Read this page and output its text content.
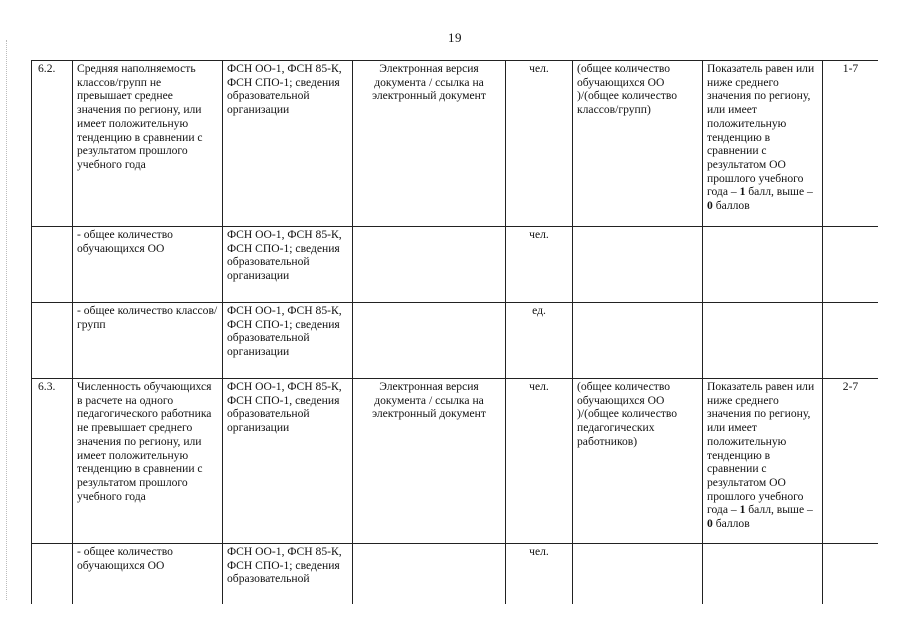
19
6.2.	Средняя наполняемость классов/групп не превышает среднее значения по региону, или имеет положительную тенденцию в сравнении с результатом прошлого учебного года	ФСН ОО-1, ФСН 85-К, ФСН СПО-1; сведения образовательной организации	Электронная версия документа / ссылка на электронный документ	чел.	(общее количество обучающихся ОО )/(общее количество классов/групп)	Показатель равен или ниже среднего значения по региону, или имеет положительную тенденцию в сравнении с результатом ОО прошлого учебного года – 1 балл, выше – 0 баллов	1-7
	- общее количество обучающихся ОО	ФСН ОО-1, ФСН 85-К, ФСН СПО-1; сведения образовательной организации		чел.			
	- общее количество классов/групп	ФСН ОО-1, ФСН 85-К, ФСН СПО-1; сведения образовательной организации		ед.			
6.3.	Численность обучающихся в расчете на одного педагогического работника не превышает среднего значения по региону, или имеет положительную тенденцию в сравнении с результатом прошлого учебного года	ФСН ОО-1, ФСН 85-К, ФСН СПО-1, сведения образовательной организации	Электронная версия документа / ссылка на электронный документ	чел.	(общее количество обучающихся ОО )/(общее количество педагогических работников)	Показатель равен или ниже среднего значения по региону, или имеет положительную тенденцию в сравнении с результатом ОО прошлого учебного года – 1 балл, выше – 0 баллов	2-7
	- общее количество обучающихся ОО	ФСН ОО-1, ФСН 85-К, ФСН СПО-1; сведения образовательной		чел.			
